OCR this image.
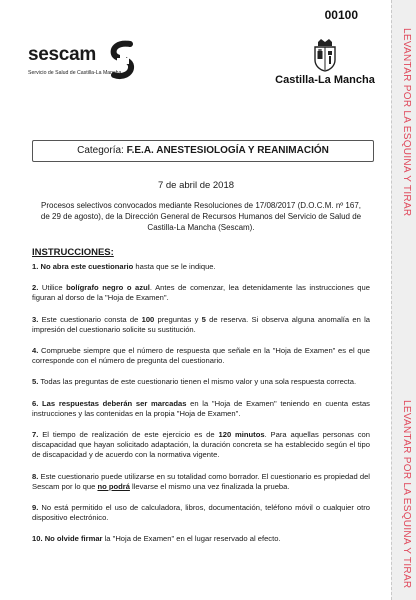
00100
sescam
Servicio de Salud de Castilla-La Mancha
Castilla-La Mancha
Categoría: F.E.A. ANESTESIOLOGÍA Y REANIMACIÓN
7 de abril de 2018
Procesos selectivos convocados mediante Resoluciones de 17/08/2017 (D.O.C.M. nº 167, de 29 de agosto), de la Dirección General de Recursos Humanos del Servicio de Salud de Castilla-La Mancha (Sescam).
INSTRUCCIONES:
1. No abra este cuestionario hasta que se le indique.
2. Utilice bolígrafo negro o azul. Antes de comenzar, lea detenidamente las instrucciones que figuran al dorso de la "Hoja de Examen".
3. Este cuestionario consta de 100 preguntas y 5 de reserva. Si observa alguna anomalía en la impresión del cuestionario solicite su sustitución.
4. Compruebe siempre que el número de respuesta que señale en la "Hoja de Examen" es el que corresponde con el número de pregunta del cuestionario.
5. Todas las preguntas de este cuestionario tienen el mismo valor y una sola respuesta correcta.
6. Las respuestas deberán ser marcadas en la "Hoja de Examen" teniendo en cuenta estas instrucciones y las contenidas en la propia "Hoja de Examen".
7. El tiempo de realización de este ejercicio es de 120 minutos. Para aquellas personas con discapacidad que hayan solicitado adaptación, la duración concreta se ha establecido según el tipo de discapacidad y de acuerdo con la normativa vigente.
8. Este cuestionario puede utilizarse en su totalidad como borrador. El cuestionario es propiedad del Sescam por lo que no podrá llevarse el mismo una vez finalizada la prueba.
9. No está permitido el uso de calculadora, libros, documentación, teléfono móvil o cualquier otro dispositivo electrónico.
10. No olvide firmar la "Hoja de Examen" en el lugar reservado al efecto.
LEVANTAR POR LA ESQUINA Y TIRAR
LEVANTAR POR LA ESQUINA Y TIRAR
